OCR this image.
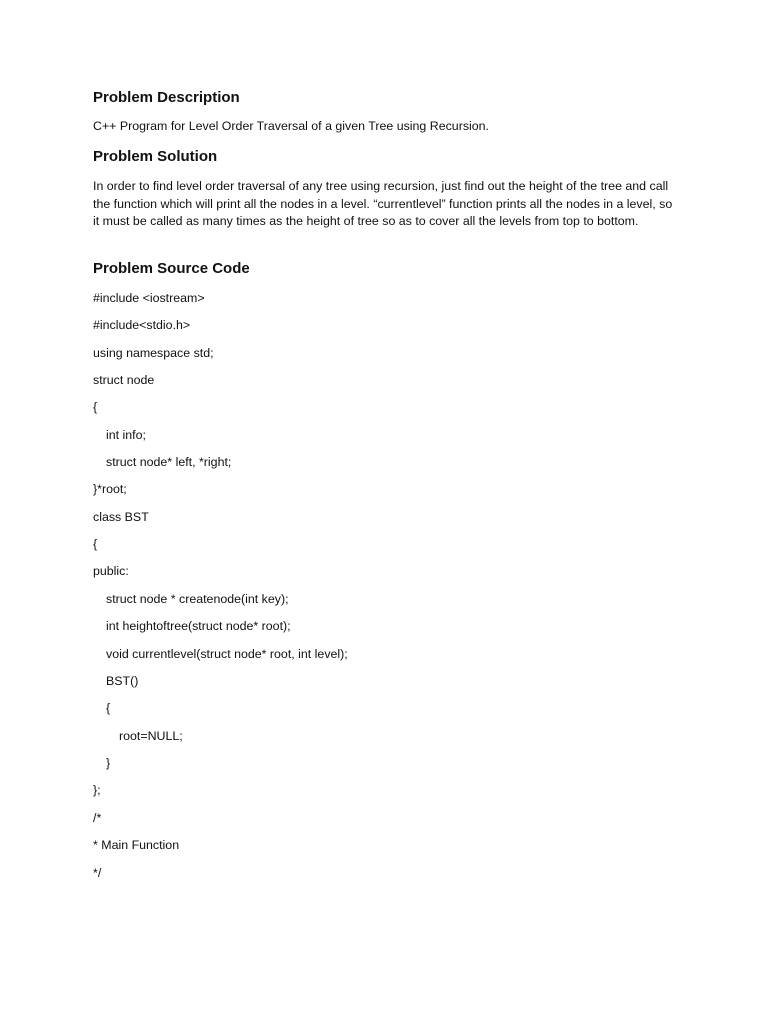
Problem Description

C++ Program for Level Order Traversal of a given Tree using Recursion.

Problem Solution

In order to find level order traversal of any tree using recursion, just find out the height of the tree and call the function which will print all the nodes in a level. “currentlevel” function prints all the nodes in a level, so it must be called as many times as the height of tree so as to cover all the levels from top to bottom.

Problem Source Code

#include <iostream>

#include<stdio.h>

using namespace std;

struct node

{

int info;

struct node* left, *right;

}*root;

class BST

{

public:

struct node * createnode(int key);

int heightoftree(struct node* root);

void currentlevel(struct node* root, int level);

BST()

{

root=NULL;

}

};

/*

* Main Function

*/
